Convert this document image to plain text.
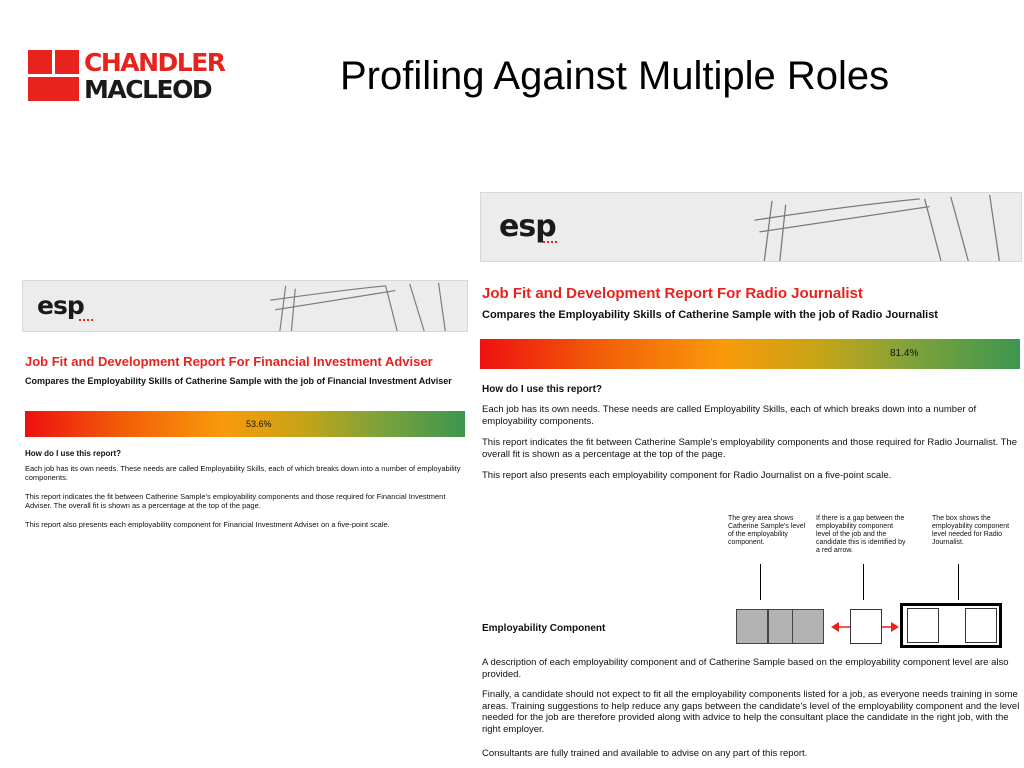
CHANDLER
MACLEOD	Profiling Against Multiple Roles
esp
Job Fit and Development Report For Financial Investment Adviser
Compares the Employability Skills of Catherine Sample with the job of Financial Investment Adviser
53.6%
How do I use this report?
Each job has its own needs. These needs are called Employability Skills, each of which breaks down into a number of employability components.
This report indicates the fit between Catherine Sample's employability components and those required for Financial Investment Adviser. The overall fit is shown as a percentage at the top of the page.
This report also presents each employability component for Financial Investment Adviser on a five-point scale.
esp
Job Fit and Development Report For Radio Journalist
Compares the Employability Skills of Catherine Sample with the job of Radio Journalist
81.4%
How do I use this report?
Each job has its own needs. These needs are called Employability Skills, each of which breaks down into a number of employability components.
This report indicates the fit between Catherine Sample's employability components and those required for Radio Journalist. The overall fit is shown as a percentage at the top of the page.
This report also presents each employability component for Radio Journalist on a five-point scale.
The grey area shows Catherine Sample's level of the employability component.
If there is a gap between the employability component level of the job and the candidate this is identified by a red arrow.
The box shows the employability component level needed for Radio Journalist.
Employability Component
A description of each employability component and of Catherine Sample based on the employability component level are also provided.
Finally, a candidate should not expect to fit all the employability components listed for a job, as everyone needs training in some areas. Training suggestions to help reduce any gaps between the candidate's level of the employability component and the level needed for the job are therefore provided along with advice to help the consultant place the candidate in the right job, with the right employer.
Consultants are fully trained and available to advise on any part of this report.
